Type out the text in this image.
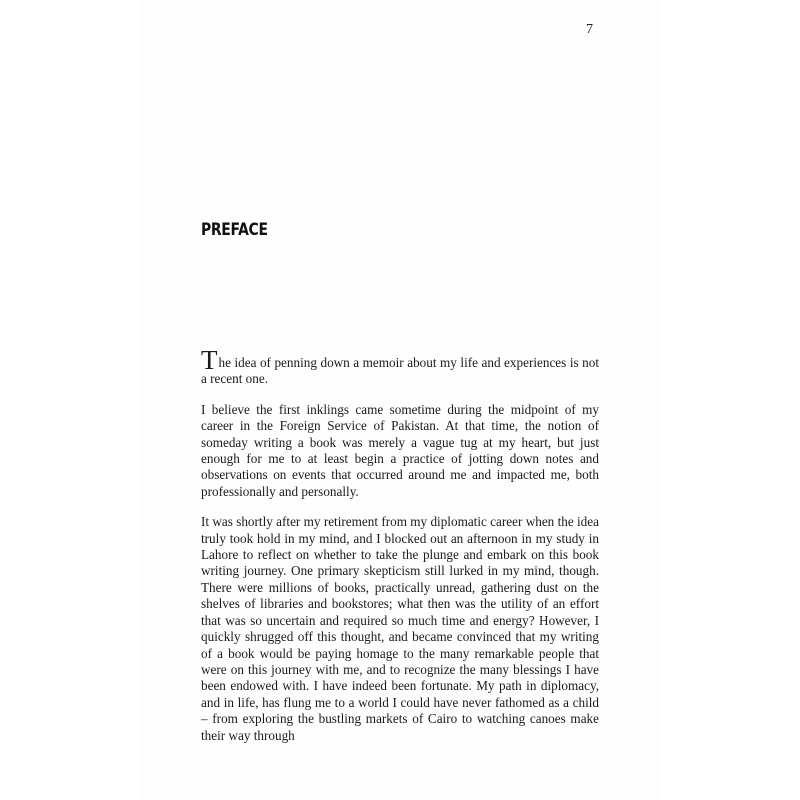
7
PREFACE

The idea of penning down a memoir about my life and experiences is not a recent one.

I believe the first inklings came sometime during the midpoint of my career in the Foreign Service of Pakistan. At that time, the notion of someday writing a book was merely a vague tug at my heart, but just enough for me to at least begin a practice of jotting down notes and observations on events that occurred around me and impacted me, both professionally and personally.

It was shortly after my retirement from my diplomatic career when the idea truly took hold in my mind, and I blocked out an afternoon in my study in Lahore to reflect on whether to take the plunge and embark on this book writing journey. One primary skepticism still lurked in my mind, though. There were millions of books, practically unread, gathering dust on the shelves of libraries and bookstores; what then was the utility of an effort that was so uncertain and required so much time and energy? However, I quickly shrugged off this thought, and became convinced that my writing of a book would be paying homage to the many remarkable people that were on this journey with me, and to recognize the many blessings I have been endowed with. I have indeed been fortunate. My path in diplomacy, and in life, has flung me to a world I could have never fathomed as a child – from exploring the bustling markets of Cairo to watching canoes make their way through
